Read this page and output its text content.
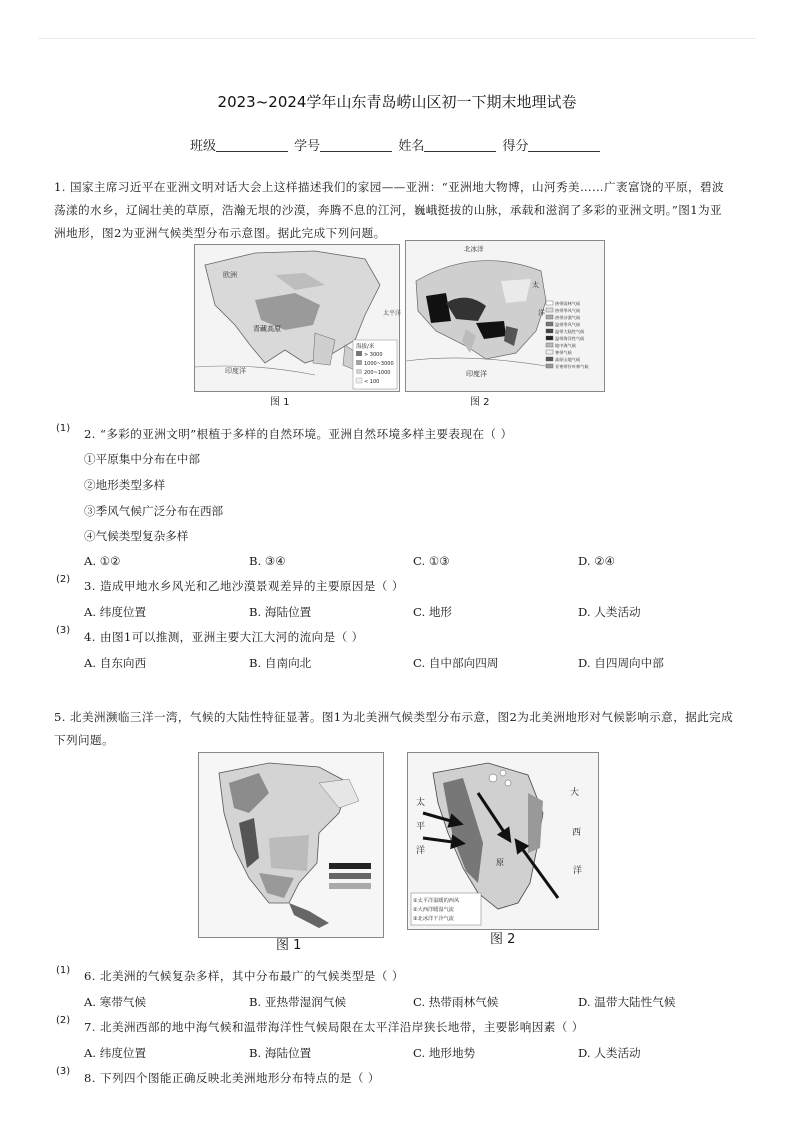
2023~2024学年山东青岛崂山区初一下期末地理试卷
班级	学号	姓名	得分
1. 国家主席习近平在亚洲文明对话大会上这样描述我们的家园——亚洲：“亚洲地大物博，山河秀美……广袤富饶的平原，碧波
荡漾的水乡，辽阔壮美的草原，浩瀚无垠的沙漠，奔腾不息的江河，巍峨挺拔的山脉，承载和滋润了多彩的亚洲文明。”图1为亚
洲地形，图2为亚洲气候类型分布示意图。据此完成下列问题。
欧洲
青藏高原
印度洋
太平洋
海拔/米
> 3000
1000~3000
200~1000
< 100
图 1
北冰洋
印度洋
太
洋
热带雨林气候
热带季风气候
热带沙漠气候
温带季风气候
温带大陆性气候
温带海洋性气候
地中海气候
寒带气候
高原山地气候
亚寒带针叶林气候
图 2
(1) 2. “多彩的亚洲文明”根植于多样的自然环境。亚洲自然环境多样主要表现在（ ）
①平原集中分布在中部
②地形类型多样
③季风气候广泛分布在西部
④气候类型复杂多样
A. ①②	B. ③④	C. ①③	D. ②④
(2) 3. 造成甲地水乡风光和乙地沙漠景观差异的主要原因是（ ）
A. 纬度位置	B. 海陆位置	C. 地形	D. 人类活动
(3) 4. 由图1可以推测，亚洲主要大江大河的流向是（ ）
A. 自东向西	B. 自南向北	C. 自中部向四周	D. 自四周向中部
5. 北美洲濒临三洋一湾，气候的大陆性特征显著。图1为北美洲气候类型分布示意，图2为北美洲地形对气候影响示意，据此完成
下列问题。
图 1
太
平
洋
大
西
洋
原
①太平洋温暖的西风
②大西洋暖湿气流
③北冰洋干冷气流
图 2
(1) 6. 北美洲的气候复杂多样，其中分布最广的气候类型是（ ）
A. 寒带气候	B. 亚热带湿润气候	C. 热带雨林气候	D. 温带大陆性气候
(2) 7. 北美洲西部的地中海气候和温带海洋性气候局限在太平洋沿岸狭长地带，主要影响因素（ ）
A. 纬度位置	B. 海陆位置	C. 地形地势	D. 人类活动
(3) 8. 下列四个图能正确反映北美洲地形分布特点的是（ ）
